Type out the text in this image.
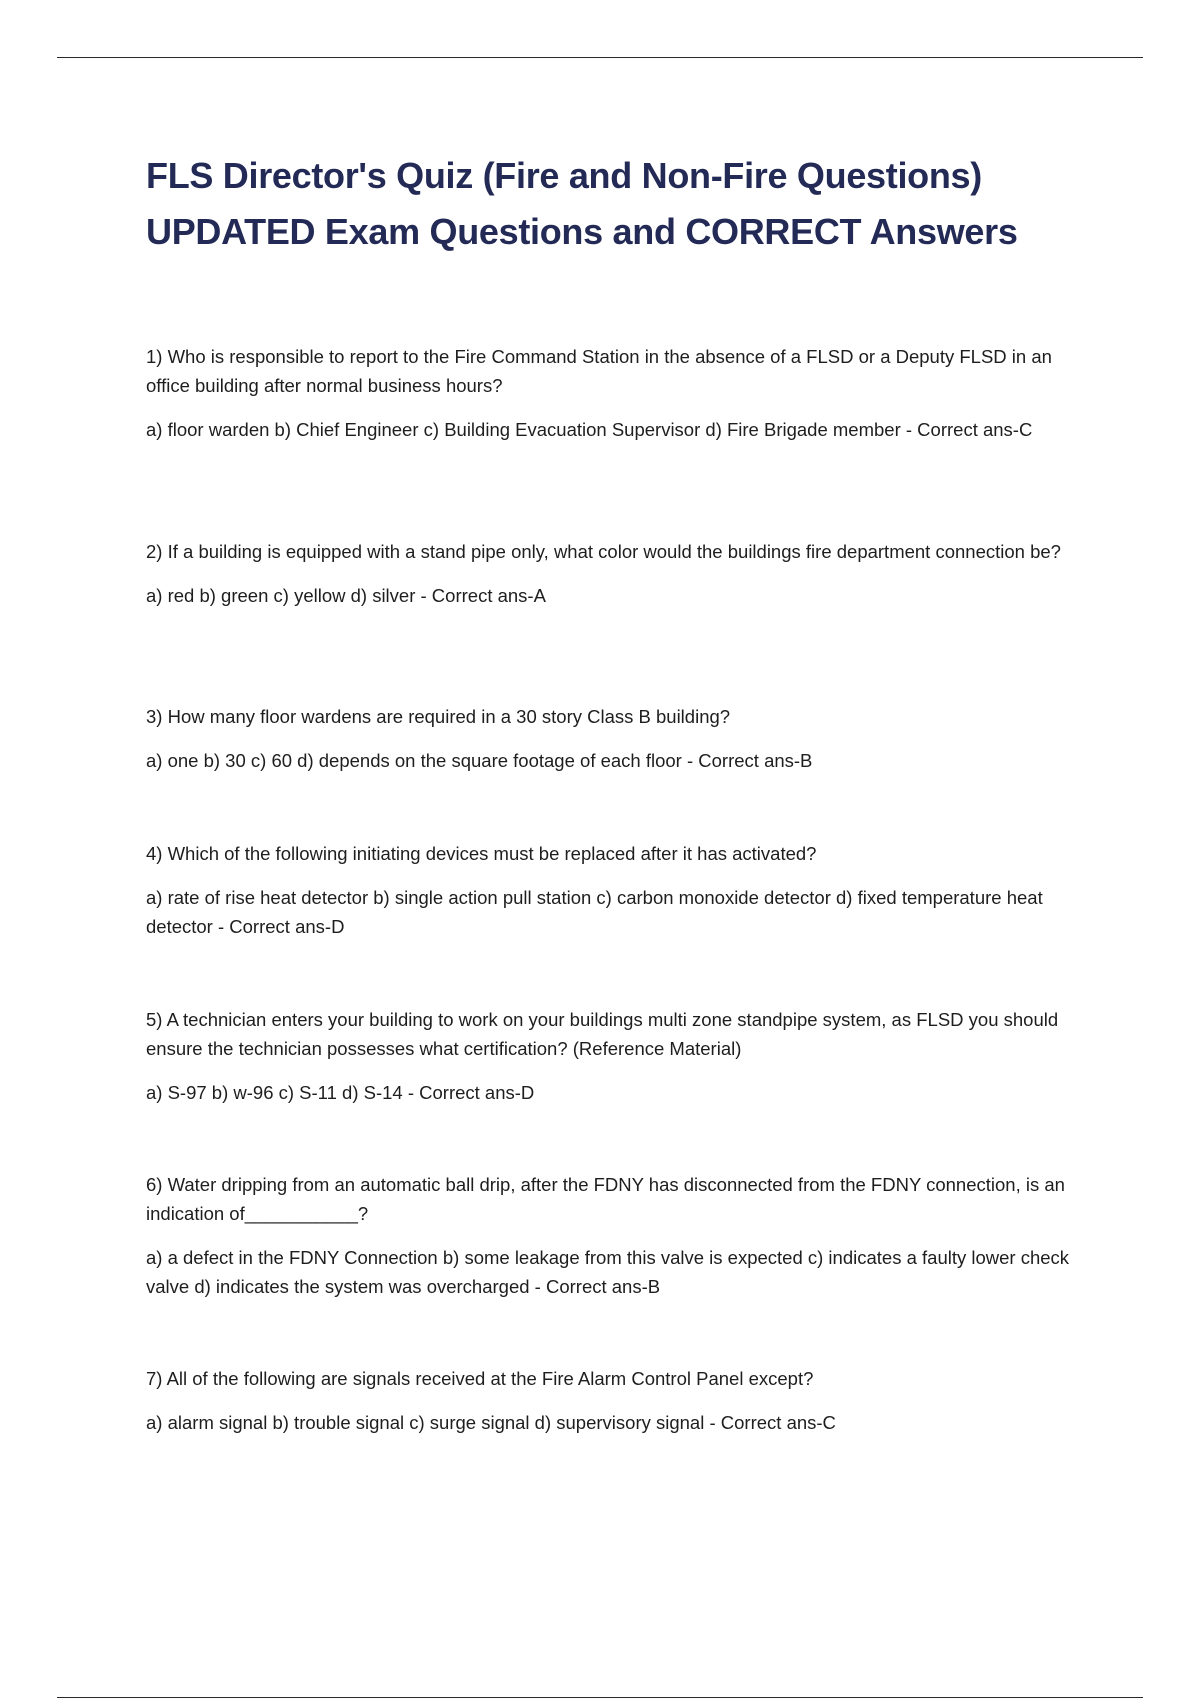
FLS Director's Quiz (Fire and Non-Fire Questions)
UPDATED Exam Questions and CORRECT Answers

1) Who is responsible to report to the Fire Command Station in the absence of a FLSD or a Deputy FLSD in an office building after normal business hours?

a) floor warden b) Chief Engineer c) Building Evacuation Supervisor d) Fire Brigade member - Correct ans-C

2) If a building is equipped with a stand pipe only, what color would the buildings fire department connection be?

a) red b) green c) yellow d) silver - Correct ans-A

3) How many floor wardens are required in a 30 story Class B building?

a) one b) 30 c) 60 d) depends on the square footage of each floor - Correct ans-B

4) Which of the following initiating devices must be replaced after it has activated?

a) rate of rise heat detector b) single action pull station c) carbon monoxide detector d) fixed temperature heat detector - Correct ans-D

5) A technician enters your building to work on your buildings multi zone standpipe system, as FLSD you should ensure the technician possesses what certification? (Reference Material)

a) S-97 b) w-96 c) S-11 d) S-14 - Correct ans-D

6) Water dripping from an automatic ball drip, after the FDNY has disconnected from the FDNY connection, is an indication of___________?

a) a defect in the FDNY Connection b) some leakage from this valve is expected c) indicates a faulty lower check valve d) indicates the system was overcharged - Correct ans-B

7) All of the following are signals received at the Fire Alarm Control Panel except?

a) alarm signal b) trouble signal c) surge signal d) supervisory signal - Correct ans-C
